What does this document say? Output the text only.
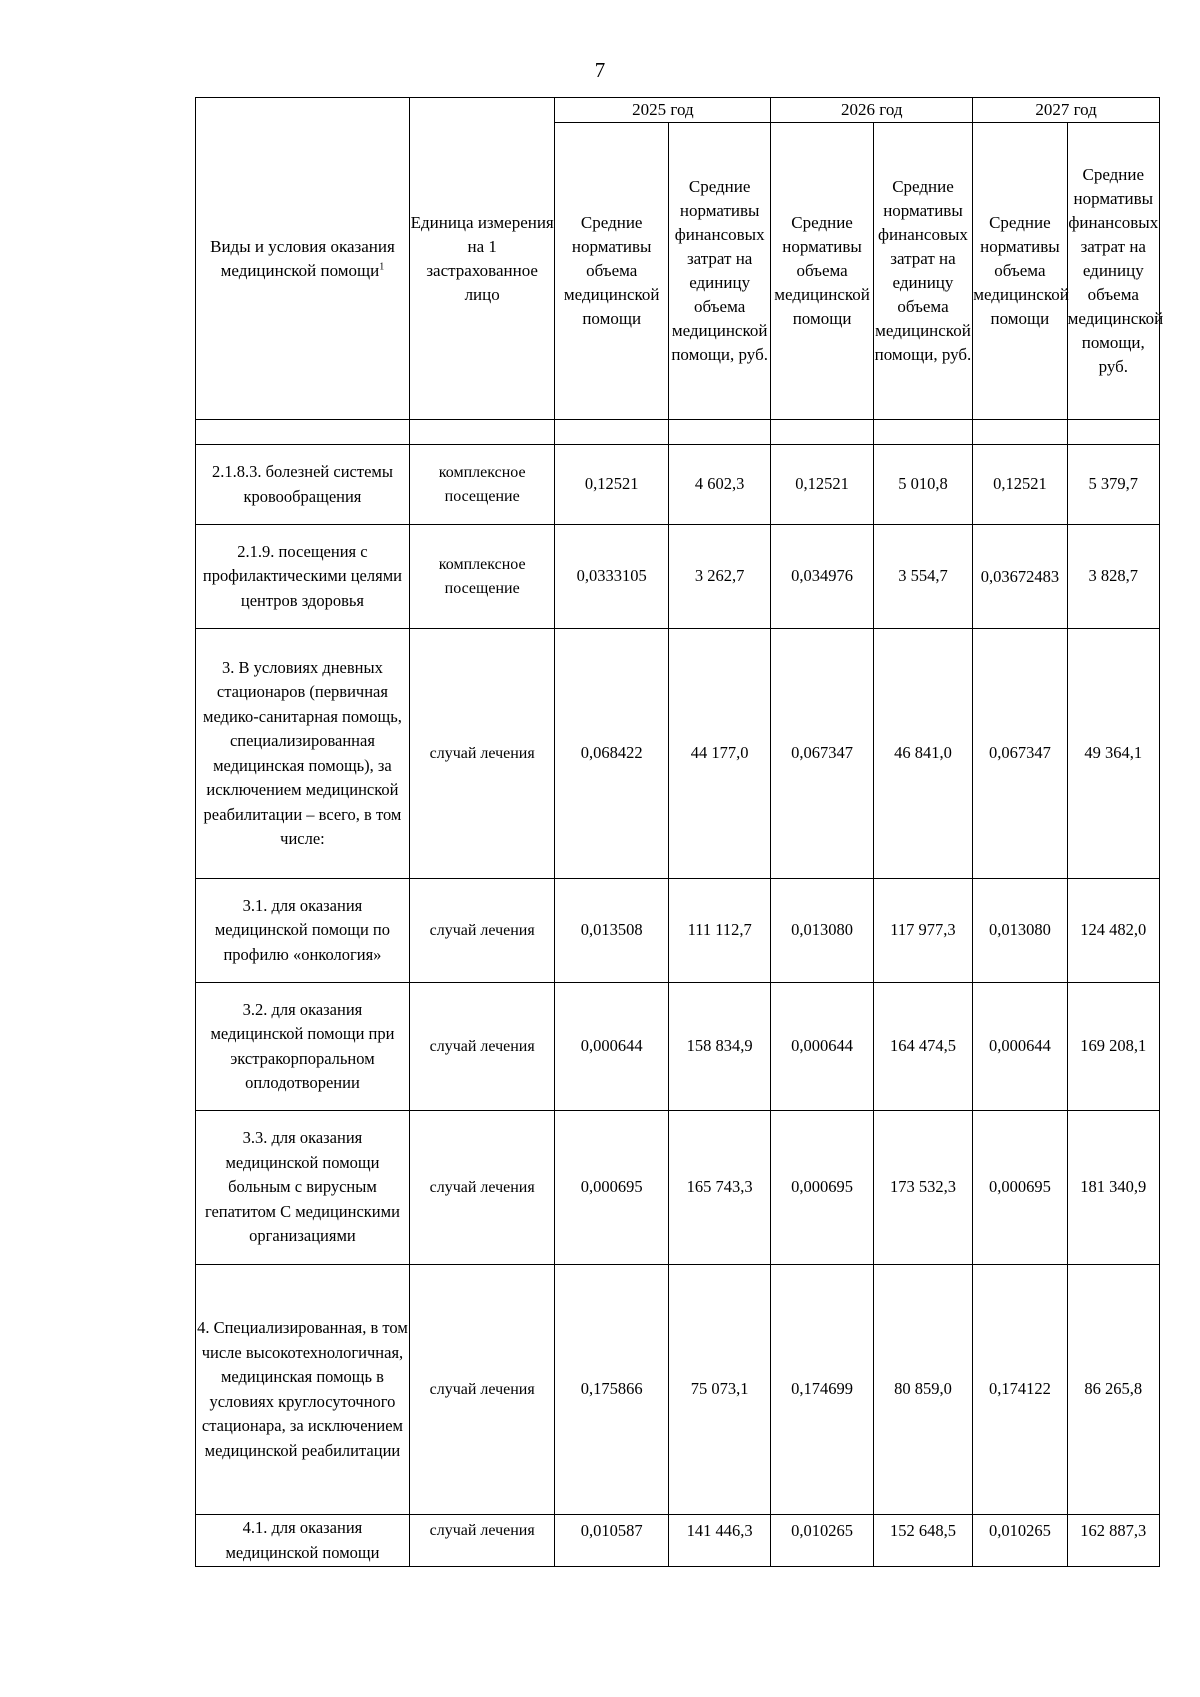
7
Виды и условия оказания медицинской помощи$^1$	Единица измерения на 1 застрахованное лицо	2025 год		2026 год		2027 год	
		Средние нормативы объема медицинской помощи	Средние нормативы финансовых затрат на единицу объема медицинской помощи, руб.	Средние нормативы объема медицинской помощи	Средние нормативы финансовых затрат на единицу объема медицинской помощи, руб.	Средние нормативы объема медицинской помощи	Средние нормативы финансовых затрат на единицу объема медицинской помощи, руб.

2.1.8.3. болезней системы кровообращения	комплексное посещение	0,12521	4 602,3	0,12521	5 010,8	0,12521	5 379,7
2.1.9. посещения с профилактическими целями центров здоровья	комплексное посещение	0,0333105	3 262,7	0,034976	3 554,7	0,03672483	3 828,7
3. В условиях дневных стационаров (первичная медико-санитарная помощь, специализированная медицинская помощь), за исключением медицинской реабилитации – всего, в том числе:	случай лечения	0,068422	44 177,0	0,067347	46 841,0	0,067347	49 364,1
3.1. для оказания медицинской помощи по профилю «онкология»	случай лечения	0,013508	111 112,7	0,013080	117 977,3	0,013080	124 482,0
3.2. для оказания медицинской помощи при экстракорпоральном оплодотворении	случай лечения	0,000644	158 834,9	0,000644	164 474,5	0,000644	169 208,1
3.3. для оказания медицинской помощи больным с вирусным гепатитом С медицинскими организациями	случай лечения	0,000695	165 743,3	0,000695	173 532,3	0,000695	181 340,9
4. Специализированная, в том числе высокотехнологичная, медицинская помощь в условиях круглосуточного стационара, за исключением медицинской реабилитации	случай лечения	0,175866	75 073,1	0,174699	80 859,0	0,174122	86 265,8
4.1. для оказания медицинской помощи	случай лечения	0,010587	141 446,3	0,010265	152 648,5	0,010265	162 887,3
